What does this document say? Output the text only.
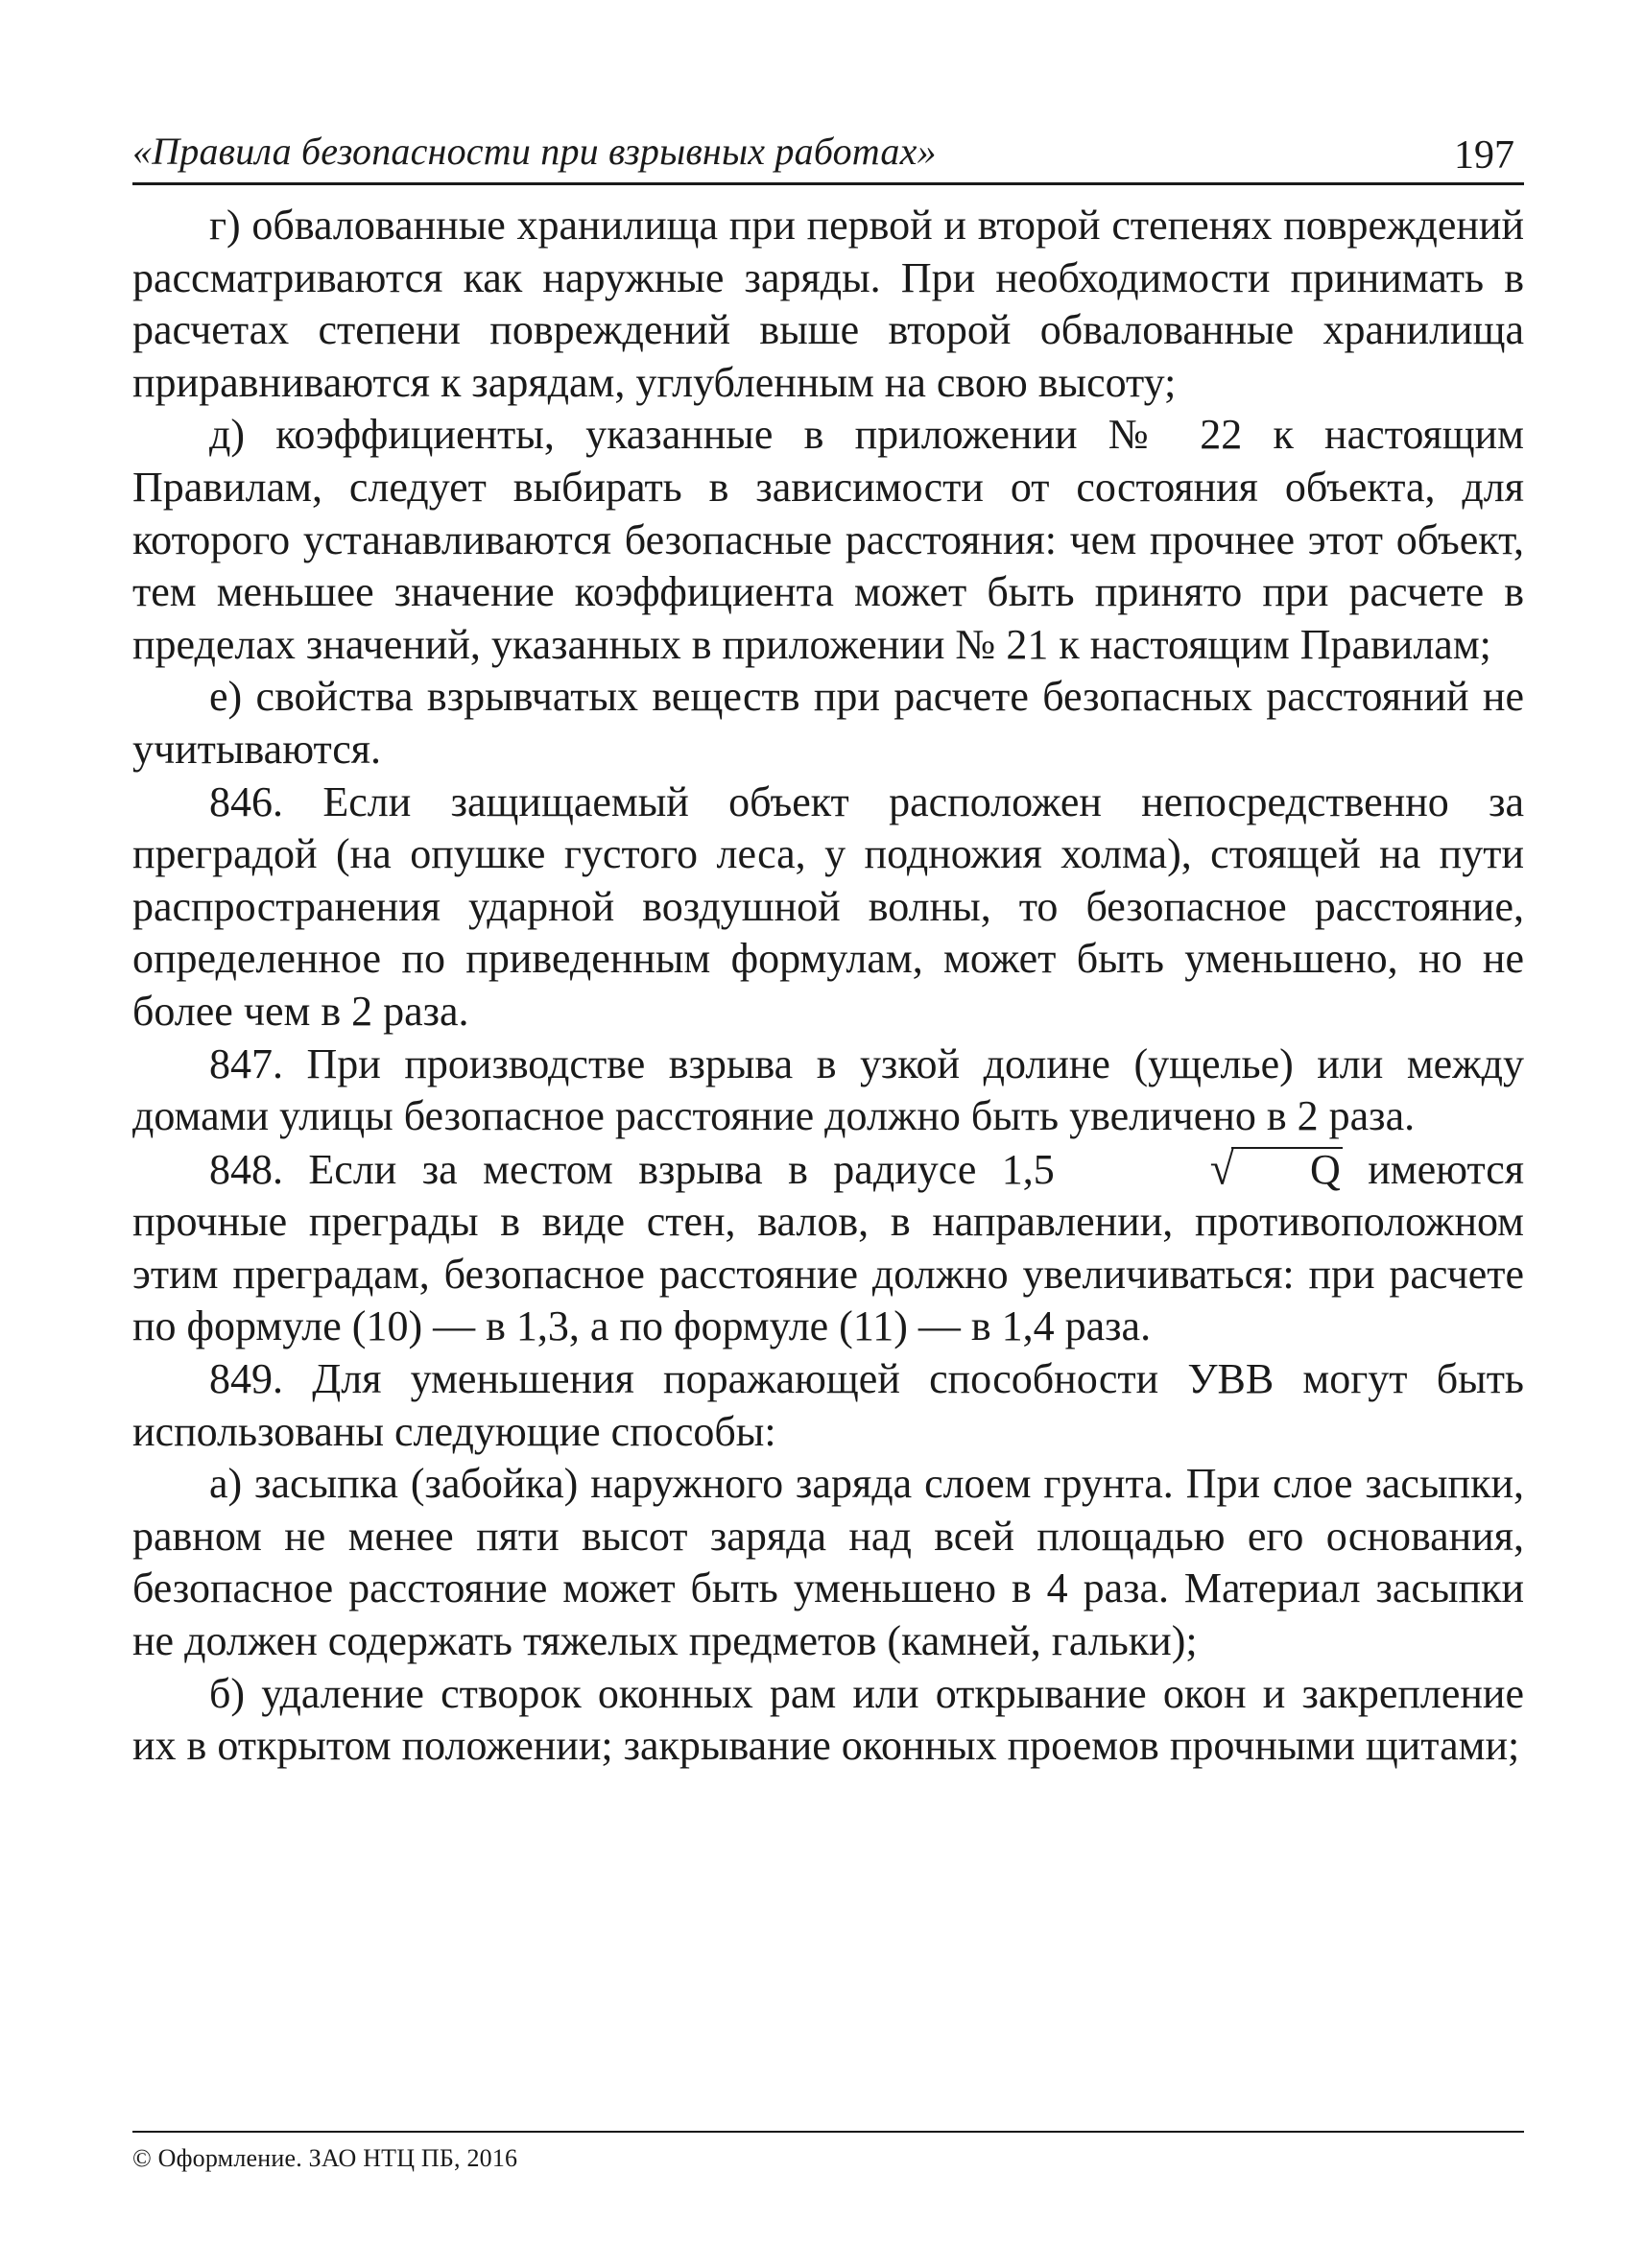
«Правила безопасности при взрывных работах»	197

г) обвалованные хранилища при первой и второй степенях повреждений рассматриваются как наружные заряды. При необходимости принимать в расчетах степени повреждений выше второй обвалованные хранилища приравниваются к зарядам, углубленным на свою высоту;

д) коэффициенты, указанные в приложении № 22 к настоящим Правилам, следует выбирать в зависимости от состояния объекта, для которого устанавливаются безопасные расстояния: чем прочнее этот объект, тем меньшее значение коэффициента может быть принято при расчете в пределах значений, указанных в приложении № 21 к настоящим Правилам;

е) свойства взрывчатых веществ при расчете безопасных расстояний не учитываются.

846. Если защищаемый объект расположен непосредственно за преградой (на опушке густого леса, у подножия холма), стоящей на пути распространения ударной воздушной волны, то безопасное расстояние, определенное по приведенным формулам, может быть уменьшено, но не более чем в 2 раза.

847. При производстве взрыва в узкой долине (ущелье) или между домами улицы безопасное расстояние должно быть увеличено в 2 раза.

848. Если за местом взрыва в радиусе 1,5	√ Q имеются прочные преграды в виде стен, валов, в направлении, противоположном этим преградам, безопасное расстояние должно увеличиваться: при расчете по формуле (10) — в 1,3, а по формуле (11) — в 1,4 раза.

849. Для уменьшения поражающей способности УВВ могут быть использованы следующие способы:

а) засыпка (забойка) наружного заряда слоем грунта. При слое засыпки, равном не менее пяти высот заряда над всей площадью его основания, безопасное расстояние может быть уменьшено в 4 раза. Материал засыпки не должен содержать тяжелых предметов (камней, гальки);

б) удаление створок оконных рам или открывание окон и закрепление их в открытом положении; закрывание оконных проемов прочными щитами;

© Оформление. ЗАО НТЦ ПБ, 2016
